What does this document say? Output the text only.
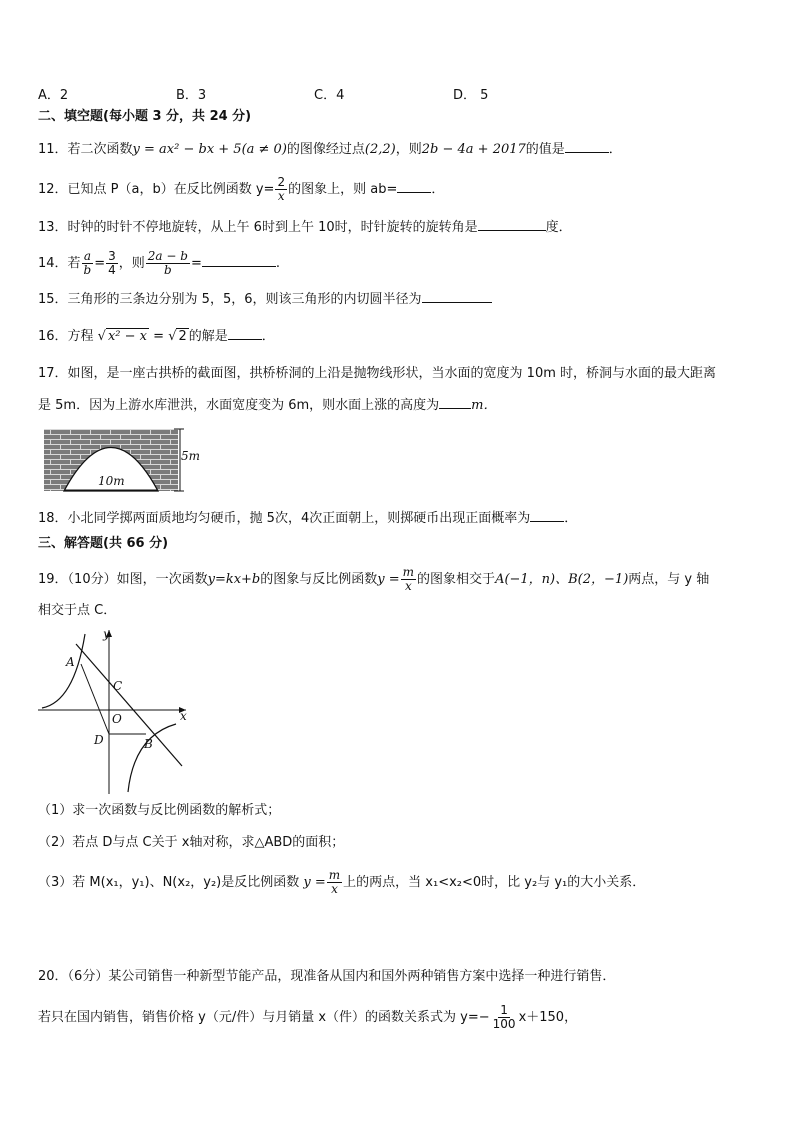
A．2	B．3	C．4	D． 5
二、填空题(每小题 3 分，共 24 分)
11．若二次函数y = ax² − bx + 5(a ≠ 0)的图像经过点(2,2)，则2b − 4a + 2017的值是	．
12．已知点 P（a，b）在反比例函数 $y= \frac{2}{x}$ 的图象上，则 ab=	．
13．时钟的时针不停地旋转，从上午 6时到上午 10时，时针旋转的旋转角是	度．
14．若 $\frac{a}{b} = \frac{3}{4}$ ，则 $\frac{2a - b}{b}$ =	.
15．三角形的三条边分别为 5，5，6，则该三角形的内切圆半径为
16．方程 √ x² − x = √ 2 的解是	．
17．如图，是一座古拱桥的截面图，拱桥桥洞的上沿是抛物线形状，当水面的宽度为 10m 时，桥洞与水面的最大距离
是 5m．因为上游水库泄洪，水面宽度变为 6m，则水面上涨的高度为 m．
5m
10m
18．小北同学掷两面质地均匀硬币，抛 5次，4次正面朝上，则掷硬币出现正面概率为	．
三、解答题(共 66 分)
19．（10分）如图，一次函数y=kx+b的图象与反比例函数$y = \frac{m}{x}$ 的图象相交于A(−1，n)、B(2，−1)两点，与 y 轴
相交于点 C．
y
x
A
C
O
D	B
（1）求一次函数与反比例函数的解析式；
（2）若点 D与点 C关于 x轴对称，求△ABD的面积；
（3）若 M(x₁，y₁)、N(x₂，y₂)是反比例函数 $y = \frac{m}{x}$ 上的两点，当 x₁<x₂<0时，比 y₂与 y₁的大小关系．
20．（6分）某公司销售一种新型节能产品，现准备从国内和国外两种销售方案中选择一种进行销售．
若只在国内销售，销售价格 y（元/件）与月销量 x（件）的函数关系式为 $y=- \frac{1}{100} x+150$，
